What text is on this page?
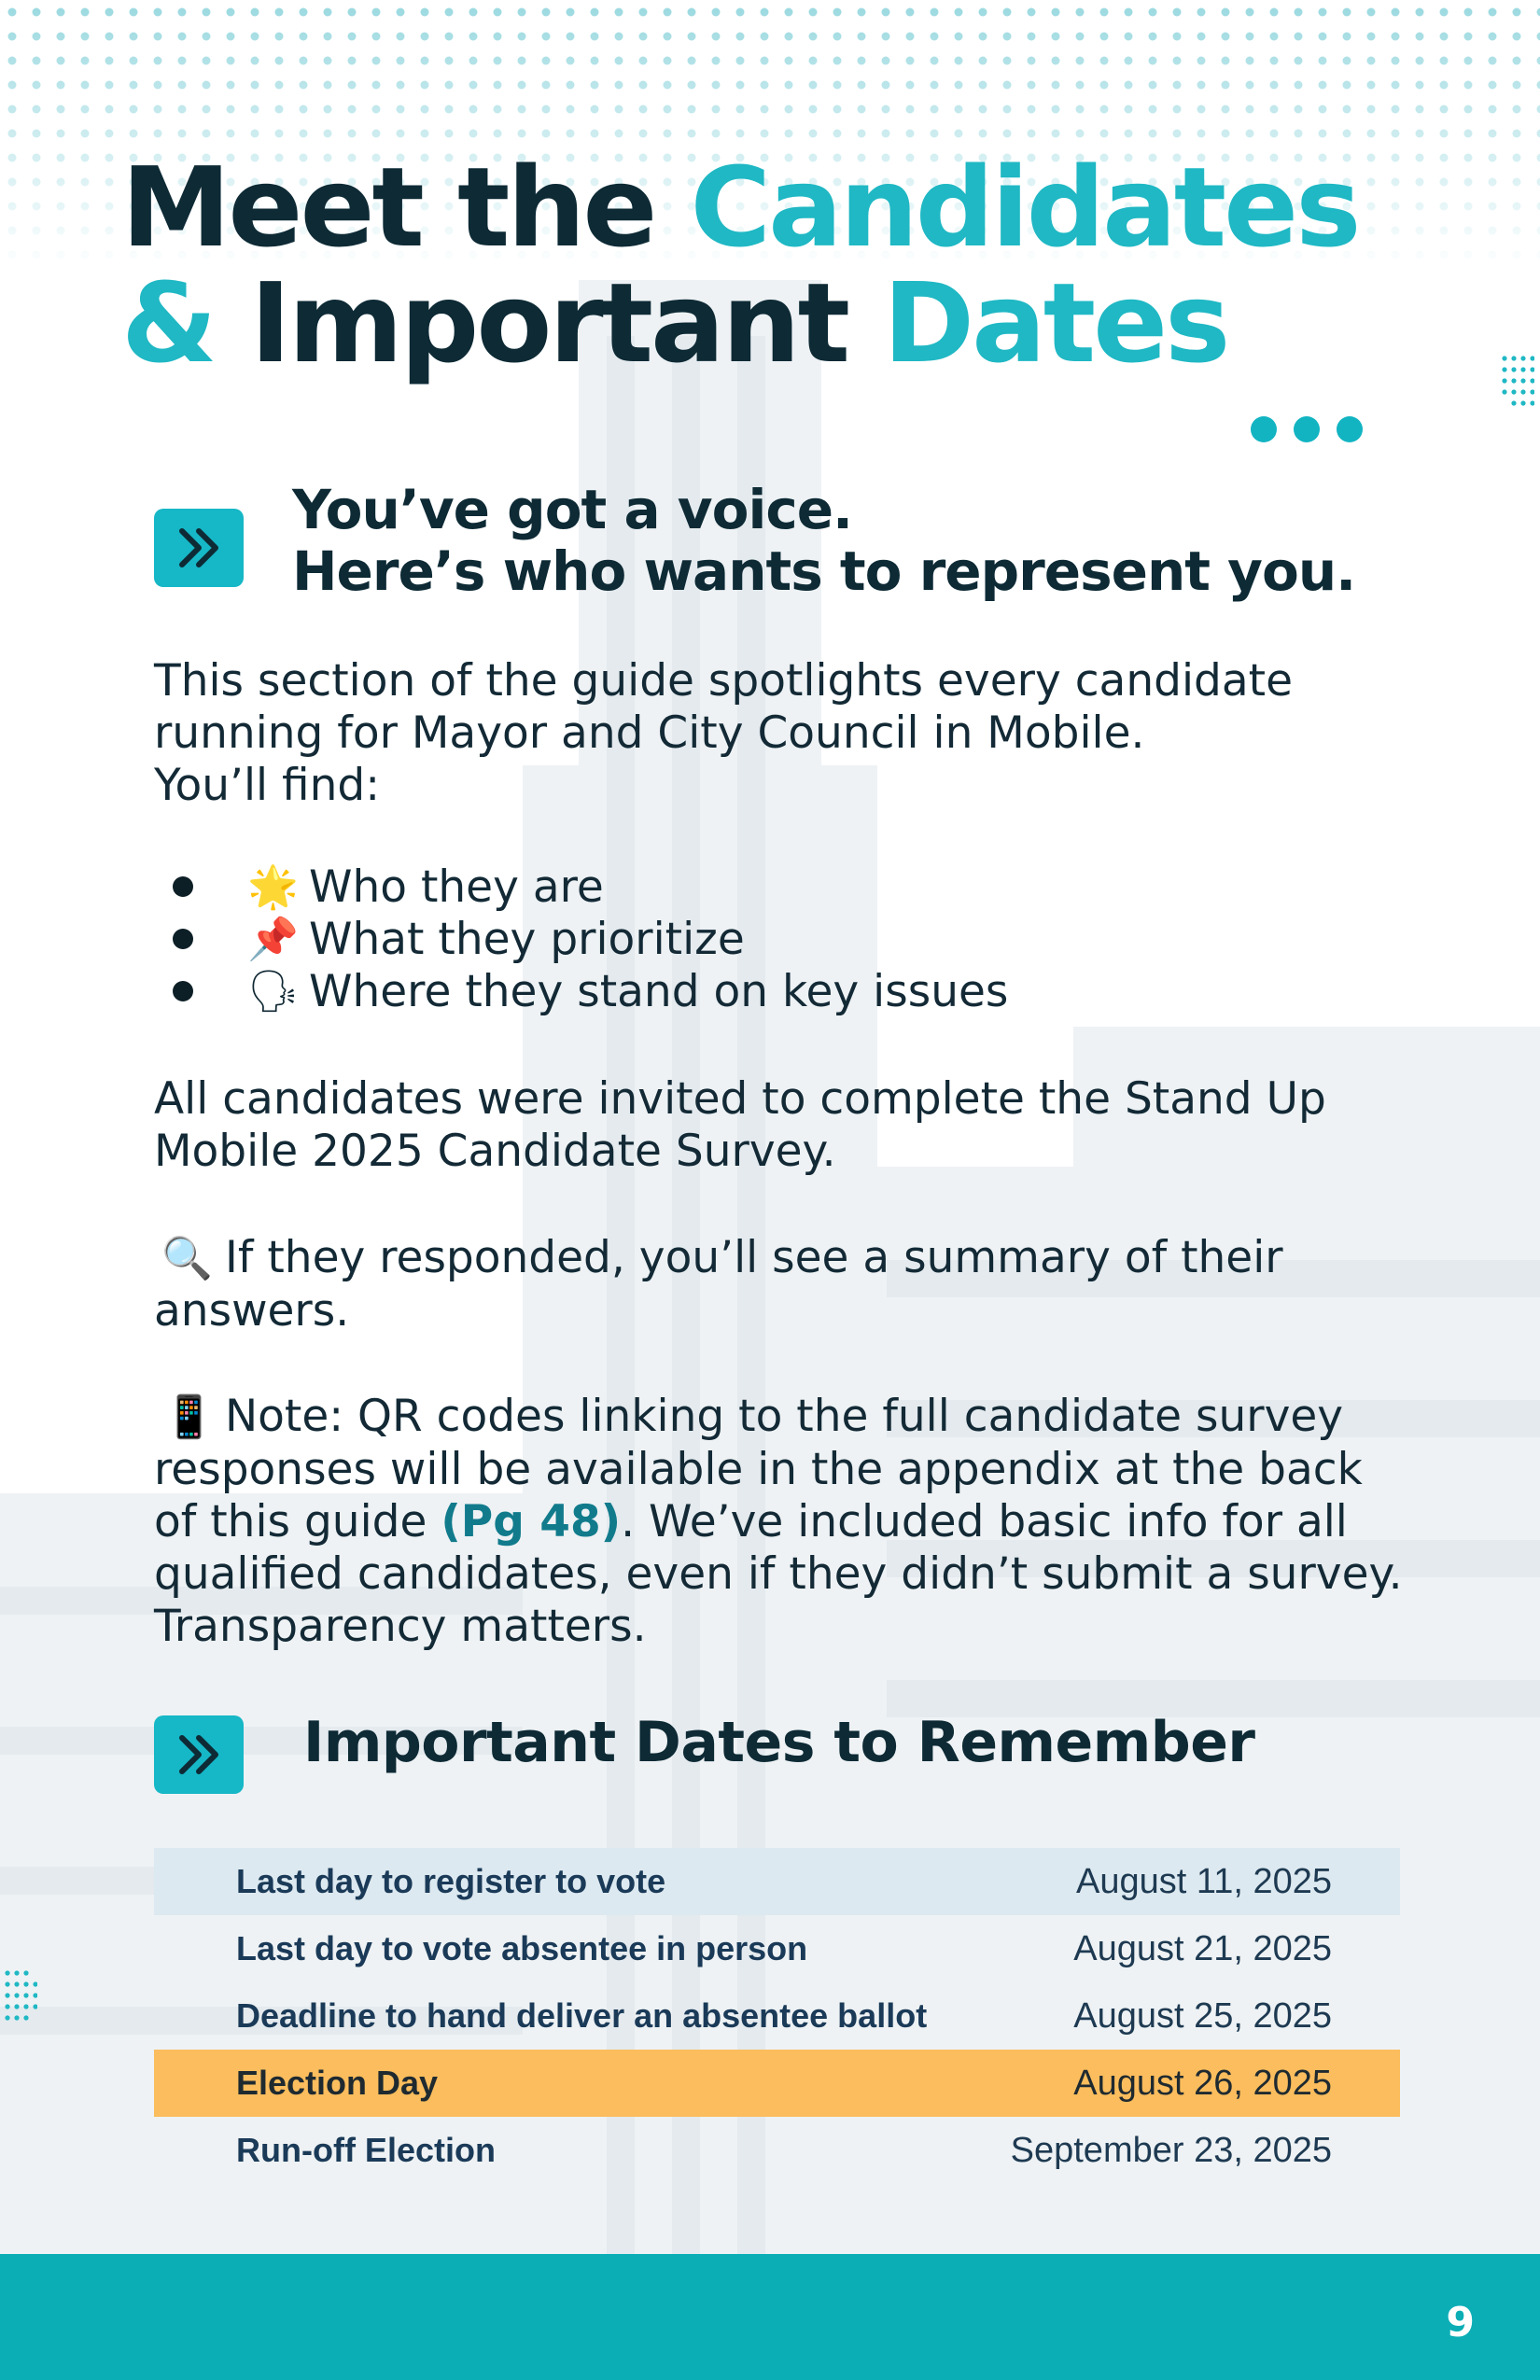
Meet the Candidates
& Important Dates
You’ve got a voice.
Here’s who wants to represent you.
This section of the guide spotlights every candidate
running for Mayor and City Council in Mobile.
You’ll find:
🌟 Who they are
📌 What they prioritize
🗣 Where they stand on key issues
All candidates were invited to complete the Stand Up
Mobile 2025 Candidate Survey.
🔍 If they responded, you’ll see a summary of their
answers.
📱 Note: QR codes linking to the full candidate survey
responses will be available in the appendix at the back
of this guide (Pg 48). We’ve included basic info for all
qualified candidates, even if they didn’t submit a survey.
Transparency matters.
Important Dates to Remember
Last day to register to vote	August 11, 2025
Last day to vote absentee in person	August 21, 2025
Deadline to hand deliver an absentee ballot	August 25, 2025
Election Day	August 26, 2025
Run-off Election	September 23, 2025
9
